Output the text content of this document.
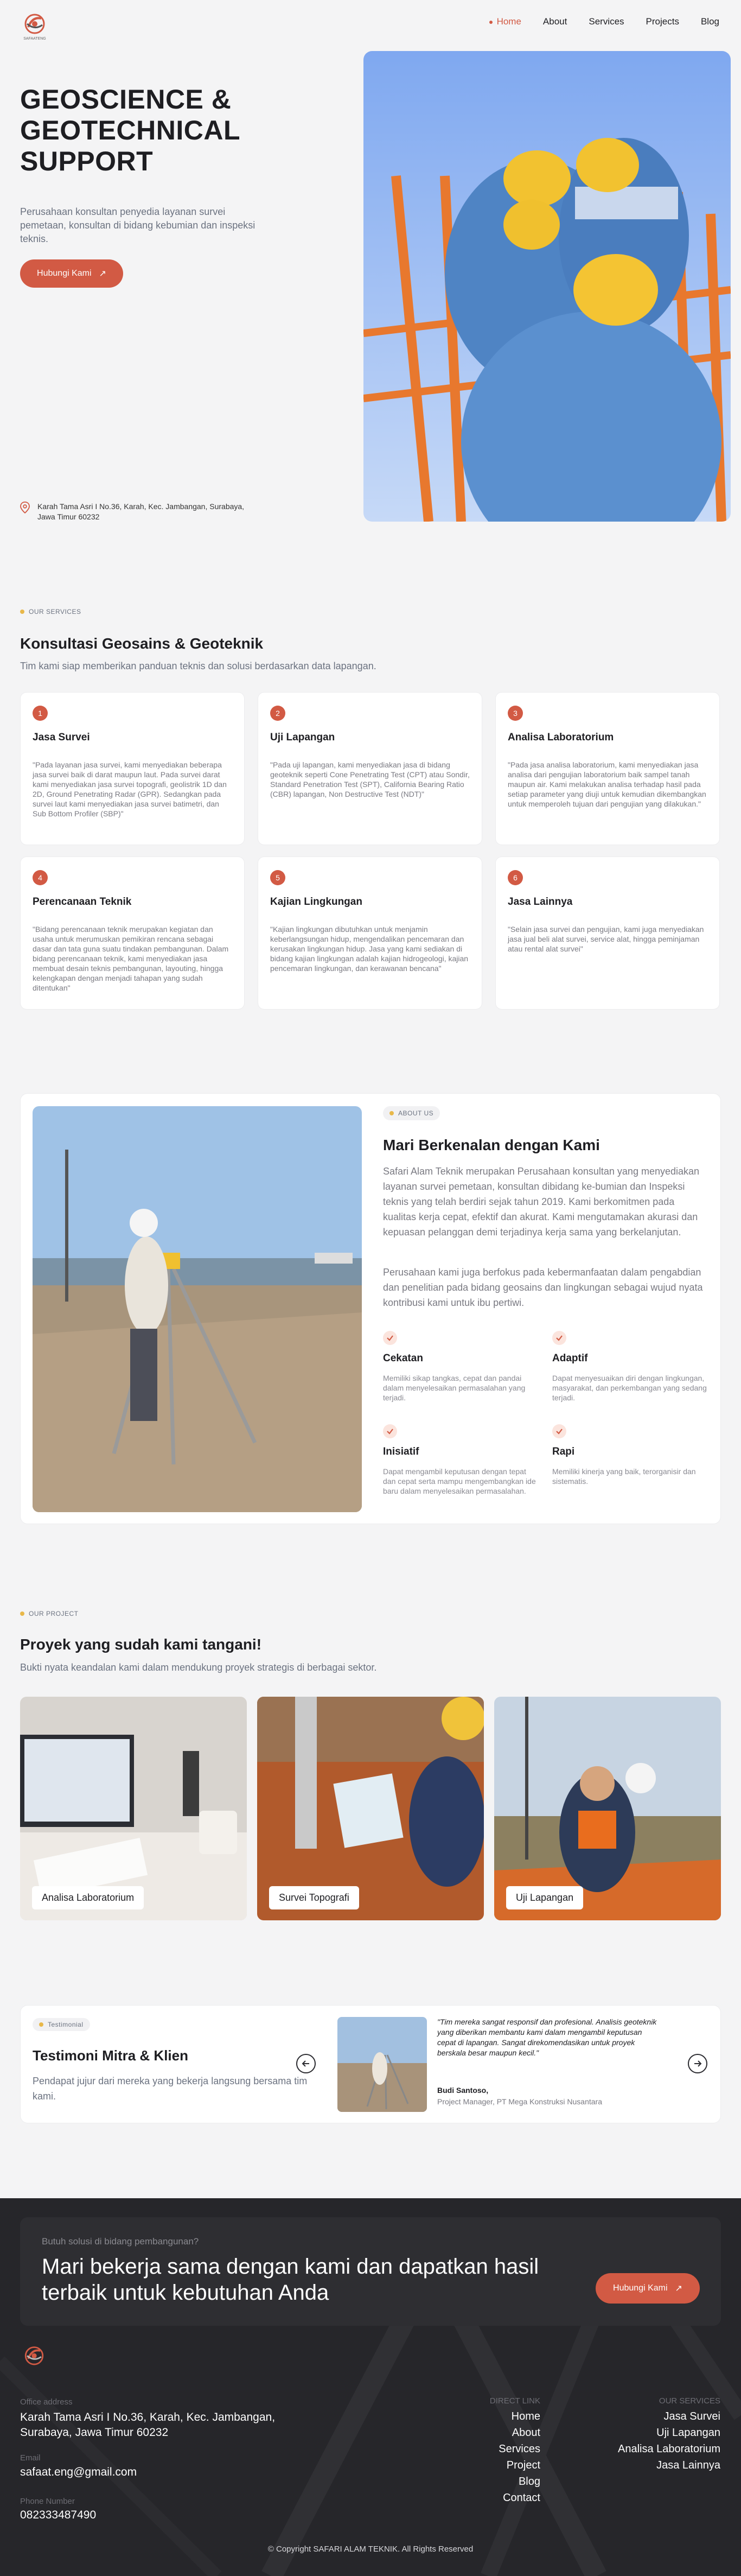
SAFAATENG
Home About Services Projects Blog
GEOSCIENCE &
GEOTECHNICAL
SUPPORT

Perusahaan konsultan penyedia layanan survei pemetaan, konsultan di bidang kebumian dan inspeksi teknis.

Hubungi Kami ↗
Karah Tama Asri I No.36, Karah, Kec. Jambangan, Surabaya,
Jawa Timur 60232
OUR SERVICES
Konsultasi Geosains & Geoteknik

Tim kami siap memberikan panduan teknis dan solusi berdasarkan data lapangan.

1
Jasa Survei

"Pada layanan jasa survei, kami menyediakan beberapa jasa survei baik di darat maupun laut. Pada survei darat kami menyediakan jasa survei topografi, geolistrik 1D dan 2D, Ground Penetrating Radar (GPR). Sedangkan pada survei laut kami menyediakan jasa survei batimetri, dan Sub Bottom Profiler (SBP)"

2
Uji Lapangan

"Pada uji lapangan, kami menyediakan jasa di bidang geoteknik seperti Cone Penetrating Test (CPT) atau Sondir, Standard Penetration Test (SPT), California Bearing Ratio (CBR) lapangan, Non Destructive Test (NDT)"

3
Analisa Laboratorium

"Pada jasa analisa laboratorium, kami menyediakan jasa analisa dari pengujian laboratorium baik sampel tanah maupun air. Kami melakukan analisa terhadap hasil pada setiap parameter yang diuji untuk kemudian dikembangkan untuk memperoleh tujuan dari pengujian yang dilakukan."

4
Perencanaan Teknik

"Bidang perencanaan teknik merupakan kegiatan dan usaha untuk merumuskan pemikiran rencana sebagai dasar dan tata guna suatu tindakan pembangunan. Dalam bidang perencanaan teknik, kami menyediakan jasa membuat desain teknis pembangunan, layouting, hingga kelengkapan dengan menjadi tahapan yang sudah ditentukan"

5
Kajian Lingkungan

"Kajian lingkungan dibutuhkan untuk menjamin keberlangsungan hidup, mengendalikan pencemaran dan kerusakan lingkungan hidup. Jasa yang kami sediakan di bidang kajian lingkungan adalah kajian hidrogeologi, kajian pencemaran lingkungan, dan kerawanan bencana"

6
Jasa Lainnya

"Selain jasa survei dan pengujian, kami juga menyediakan jasa jual beli alat survei, service alat, hingga peminjaman atau rental alat survei"

ABOUT US
Mari Berkenalan dengan Kami

Safari Alam Teknik merupakan Perusahaan konsultan yang menyediakan layanan survei pemetaan, konsultan dibidang ke-bumian dan Inspeksi teknis yang telah berdiri sejak tahun 2019. Kami berkomitmen pada kualitas kerja cepat, efektif dan akurat. Kami mengutamakan akurasi dan kepuasan pelanggan demi terjadinya kerja sama yang berkelanjutan.

Perusahaan kami juga berfokus pada kebermanfaatan dalam pengabdian dan penelitian pada bidang geosains dan lingkungan sebagai wujud nyata kontribusi kami untuk ibu pertiwi.

Cekatan

Memiliki sikap tangkas, cepat dan pandai dalam menyelesaikan permasalahan yang terjadi.

Adaptif

Dapat menyesuaikan diri dengan lingkungan, masyarakat, dan perkembangan yang sedang terjadi.

Inisiatif

Dapat mengambil keputusan dengan tepat dan cepat serta mampu mengembangkan ide baru dalam menyelesaikan permasalahan.

Rapi

Memiliki kinerja yang baik, terorganisir dan sistematis.

OUR PROJECT
Proyek yang sudah kami tangani!

Bukti nyata keandalan kami dalam mendukung proyek strategis di berbagai sektor.

Analisa Laboratorium	Survei Topografi	Uji Lapangan
Testimonial
Testimoni Mitra & Klien

Pendapat jujur dari mereka yang bekerja langsung bersama tim kami.

"Tim mereka sangat responsif dan profesional. Analisis geoteknik yang diberikan membantu kami dalam mengambil keputusan cepat di lapangan. Sangat direkomendasikan untuk proyek berskala besar maupun kecil."

Budi Santoso,
Project Manager, PT Mega Konstruksi Nusantara
Butuh solusi di bidang pembangunan?
Mari bekerja sama dengan kami dan dapatkan hasil
terbaik untuk kebutuhan Anda	Hubungi Kami ↗
Office address
Karah Tama Asri I No.36, Karah, Kec. Jambangan,
Surabaya, Jawa Timur 60232
Email
safaat.eng@gmail.com
Phone Number
082333487490
DIRECT LINK
Home
About
Services
Project
Blog
Contact
OUR SERVICES
Jasa Survei
Uji Lapangan
Analisa Laboratorium
Jasa Lainnya
© Copyright SAFARI ALAM TEKNIK. All Rights Reserved
